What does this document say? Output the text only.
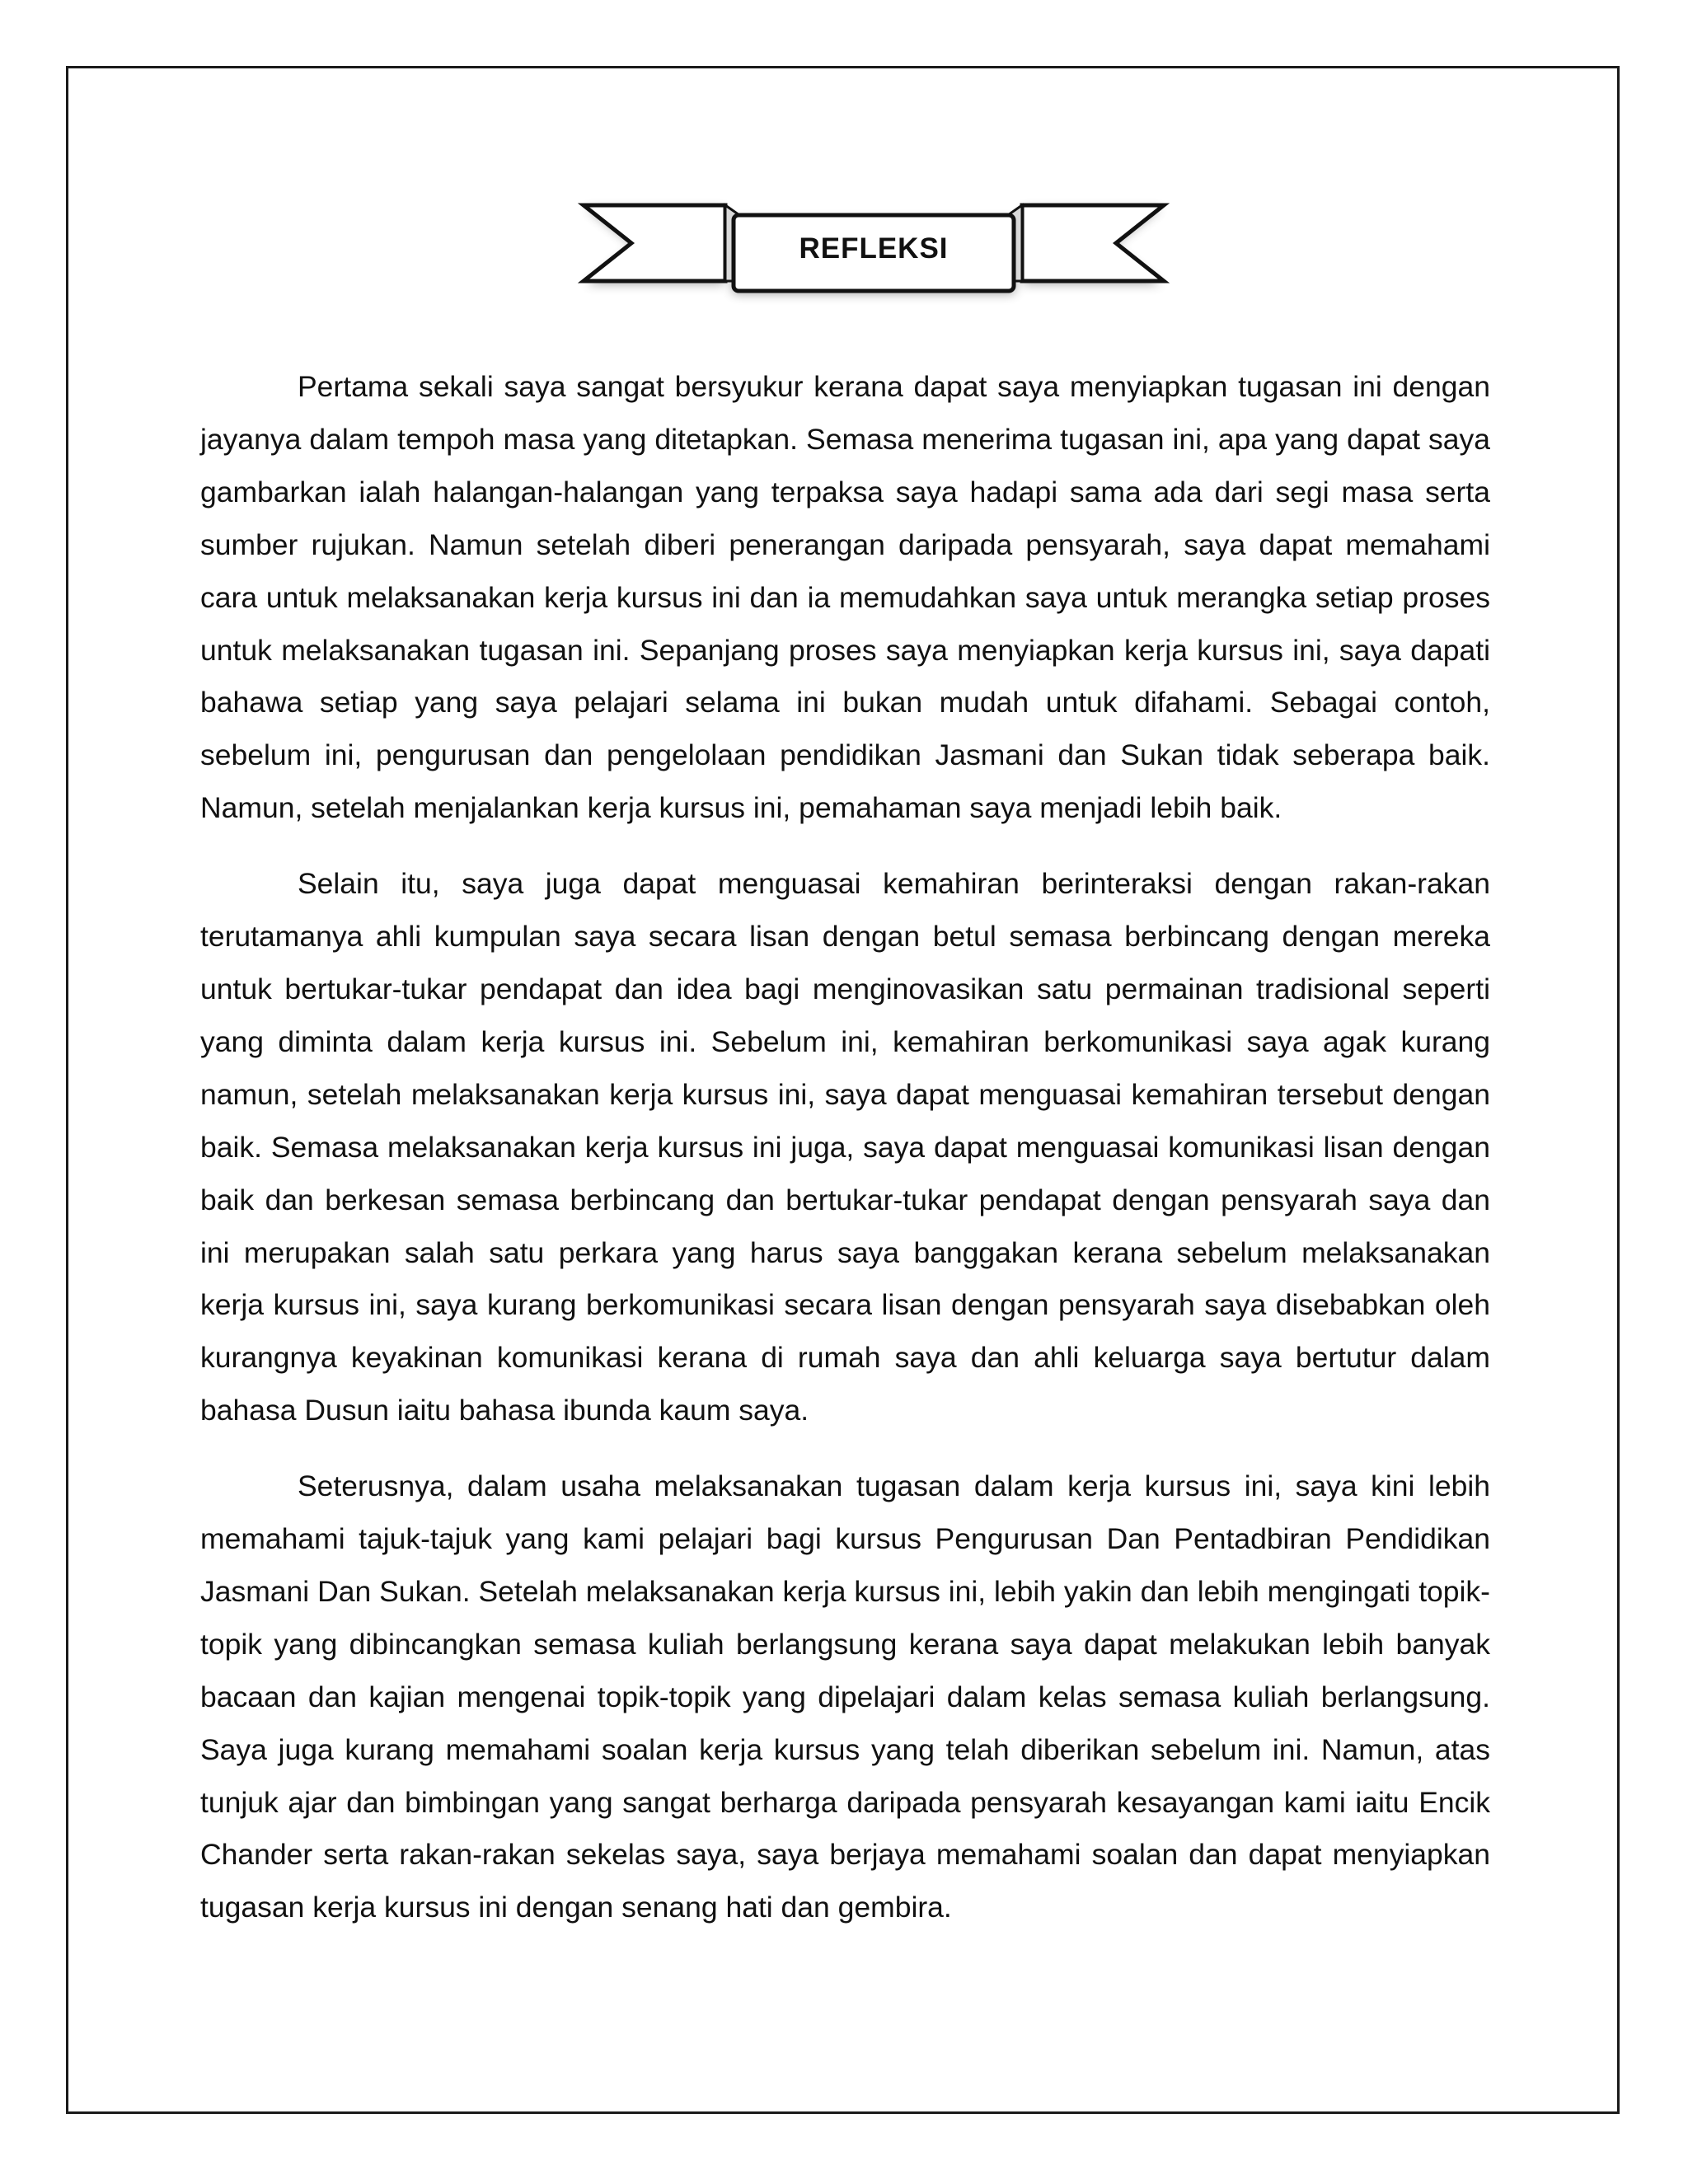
REFLEKSI

Pertama sekali saya sangat bersyukur kerana dapat saya menyiapkan tugasan ini dengan jayanya dalam tempoh masa yang ditetapkan. Semasa menerima tugasan ini, apa yang dapat saya gambarkan ialah halangan-halangan yang terpaksa saya hadapi sama ada dari segi masa serta sumber rujukan. Namun setelah diberi penerangan daripada pensyarah, saya dapat memahami cara untuk melaksanakan kerja kursus ini dan ia memudahkan saya untuk merangka setiap proses untuk melaksanakan tugasan ini. Sepanjang proses saya menyiapkan kerja kursus ini, saya dapati bahawa setiap yang saya pelajari selama ini bukan mudah untuk difahami. Sebagai contoh, sebelum ini, pengurusan dan pengelolaan pendidikan Jasmani dan Sukan tidak seberapa baik. Namun, setelah menjalankan kerja kursus ini, pemahaman saya menjadi lebih baik.

Selain itu, saya juga dapat menguasai kemahiran berinteraksi dengan rakan-rakan terutamanya ahli kumpulan saya secara lisan dengan betul semasa berbincang dengan mereka untuk bertukar-tukar pendapat dan idea bagi menginovasikan satu permainan tradisional seperti yang diminta dalam kerja kursus ini. Sebelum ini, kemahiran berkomunikasi saya agak kurang namun, setelah melaksanakan kerja kursus ini, saya dapat menguasai kemahiran tersebut dengan baik. Semasa melaksanakan kerja kursus ini juga, saya dapat menguasai komunikasi lisan dengan baik dan berkesan semasa berbincang dan bertukar-tukar pendapat dengan pensyarah saya dan ini merupakan salah satu perkara yang harus saya banggakan kerana sebelum melaksanakan kerja kursus ini, saya kurang berkomunikasi secara lisan dengan pensyarah saya disebabkan oleh kurangnya keyakinan komunikasi kerana di rumah saya dan ahli keluarga saya bertutur dalam bahasa Dusun iaitu bahasa ibunda kaum saya.

Seterusnya, dalam usaha melaksanakan tugasan dalam kerja kursus ini, saya kini lebih memahami tajuk-tajuk yang kami pelajari bagi kursus Pengurusan Dan Pentadbiran Pendidikan Jasmani Dan Sukan. Setelah melaksanakan kerja kursus ini, lebih yakin dan lebih mengingati topik-topik yang dibincangkan semasa kuliah berlangsung kerana saya dapat melakukan lebih banyak bacaan dan kajian mengenai topik-topik yang dipelajari dalam kelas semasa kuliah berlangsung. Saya juga kurang memahami soalan kerja kursus yang telah diberikan sebelum ini. Namun, atas tunjuk ajar dan bimbingan yang sangat berharga daripada pensyarah kesayangan kami iaitu Encik Chander serta rakan-rakan sekelas saya, saya berjaya memahami soalan dan dapat menyiapkan tugasan kerja kursus ini dengan senang hati dan gembira.
